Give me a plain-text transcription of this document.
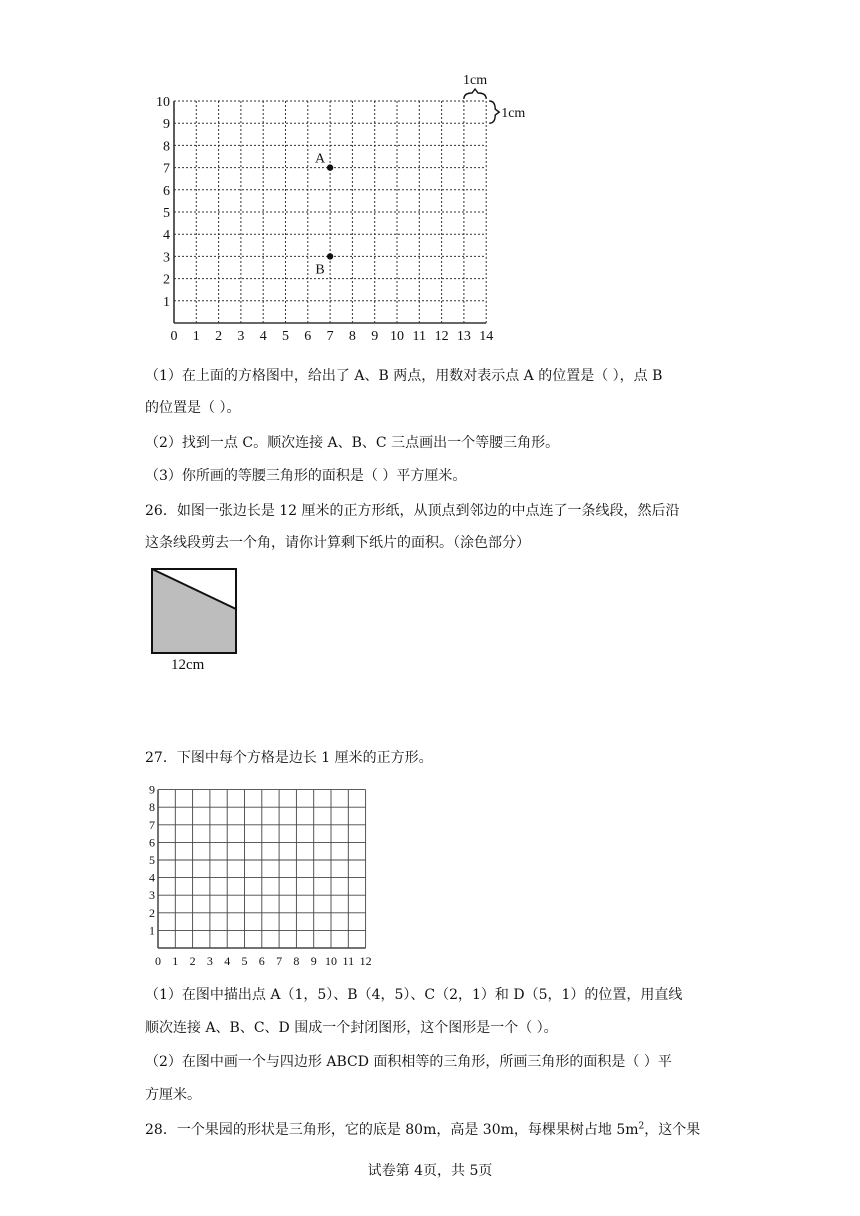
0 1 2 3 4 5 6 7 8 9 10 11 12 13 14
1
2
3
4
5
6
7
8
9
10
A
B
1cm
1cm
（1）在上面的方格图中，给出了 A、B 两点，用数对表示点 A 的位置是（ ），点 B
的位置是（ ）。
（2）找到一点 C。顺次连接 A、B、C 三点画出一个等腰三角形。
（3）你所画的等腰三角形的面积是（ ）平方厘米。
26．如图一张边长是 12 厘米的正方形纸，从顶点到邻边的中点连了一条线段，然后沿
这条线段剪去一个角，请你计算剩下纸片的面积。（涂色部分）
12cm
27．下图中每个方格是边长 1 厘米的正方形。
0 1 2 3 4 5 6 7 8 9 10 11 12
1
2
3
4
5
6
7
8
9
（1）在图中描出点 A（1，5）、B（4，5）、C（2，1）和 D（5，1）的位置，用直线
顺次连接 A、B、C、D 围成一个封闭图形，这个图形是一个（ ）。
（2）在图中画一个与四边形 ABCD 面积相等的三角形，所画三角形的面积是（ ）平
方厘米。
28．一个果园的形状是三角形，它的底是 80m，高是 30m，每棵果树占地 $5m^2$，这个果
试卷第 4页，共 5页
